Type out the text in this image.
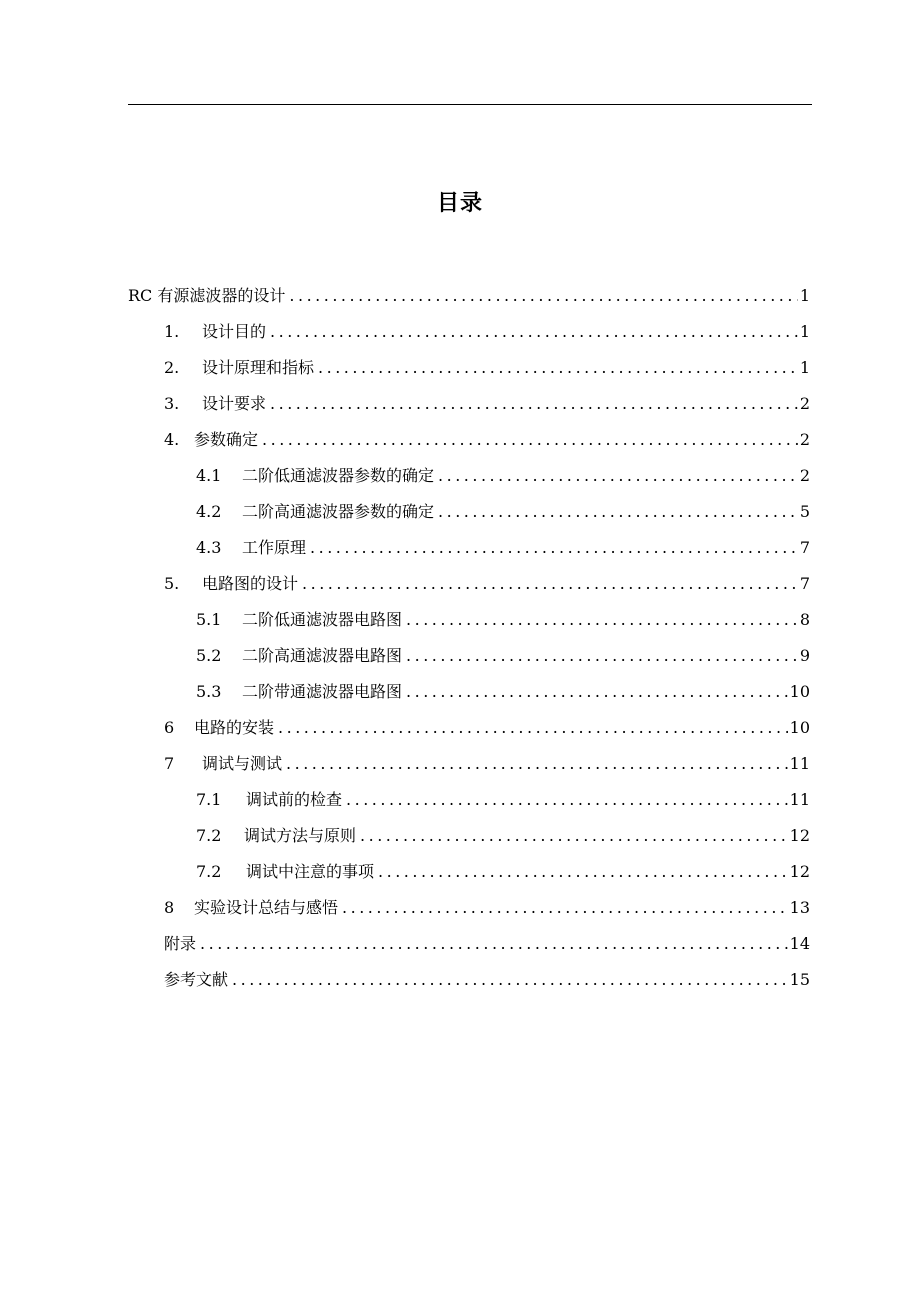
目录
RC 有源滤波器的设计 .....	1
1.	设计目的 .....	1
2.	设计原理和指标 .....	1
3.	设计要求 .....	2
4. 参数确定 .....	2
4.1	二阶低通滤波器参数的确定 .....	2
4.2	二阶高通滤波器参数的确定 .....	5
4.3	工作原理 .....	7
5.	电路图的设计 .....	7
5.1	二阶低通滤波器电路图 .....	8
5.2	二阶高通滤波器电路图 .....	9
5.3	二阶带通滤波器电路图 .....	10
6	电路的安装 .....	10
7	调试与测试 .....	11
7.1	调试前的检查 .....	11
7.2	调试方法与原则 .....	12
7.2	调试中注意的事项 .....	12
8	实验设计总结与感悟 .....	13
附录 .....	14
参考文献 .....	15
